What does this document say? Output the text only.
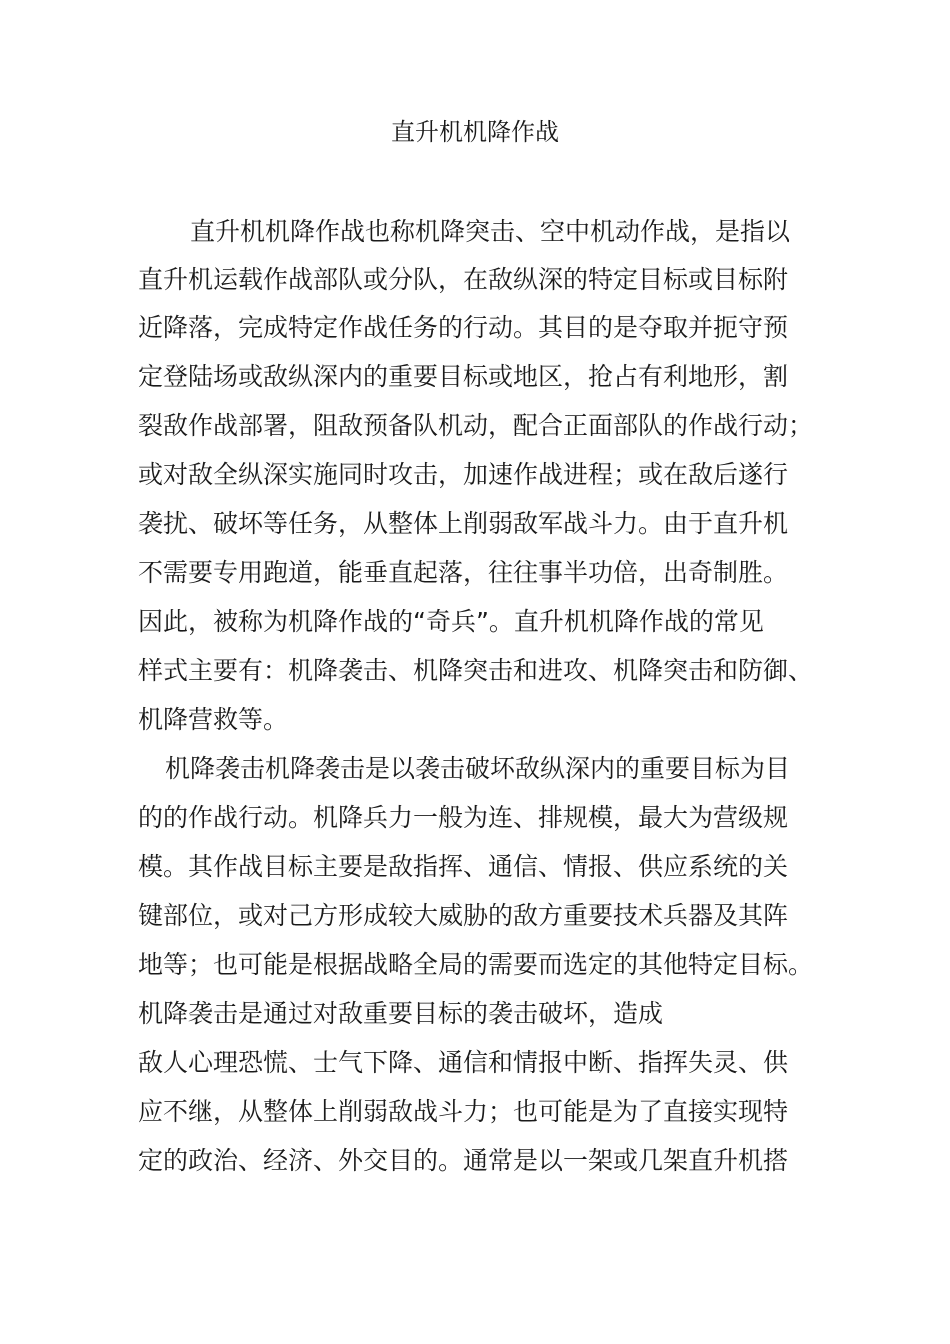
直升机机降作战
直升机机降作战也称机降突击、空中机动作战，是指以
直升机运载作战部队或分队，在敌纵深的特定目标或目标附
近降落，完成特定作战任务的行动。其目的是夺取并扼守预
定登陆场或敌纵深内的重要目标或地区，抢占有利地形，割
裂敌作战部署，阻敌预备队机动，配合正面部队的作战行动；
或对敌全纵深实施同时攻击，加速作战进程；或在敌后遂行
袭扰、破坏等任务，从整体上削弱敌军战斗力。由于直升机
不需要专用跑道，能垂直起落，往往事半功倍，出奇制胜。
因此，被称为机降作战的“奇兵”。直升机机降作战的常见
样式主要有：机降袭击、机降突击和进攻、机降突击和防御、
机降营救等。
机降袭击机降袭击是以袭击破坏敌纵深内的重要目标为目
的的作战行动。机降兵力一般为连、排规模，最大为营级规
模。其作战目标主要是敌指挥、通信、情报、供应系统的关
键部位，或对己方形成较大威胁的敌方重要技术兵器及其阵
地等；也可能是根据战略全局的需要而选定的其他特定目标。
机降袭击是通过对敌重要目标的袭击破坏，造成
敌人心理恐慌、士气下降、通信和情报中断、指挥失灵、供
应不继，从整体上削弱敌战斗力；也可能是为了直接实现特
定的政治、经济、外交目的。通常是以一架或几架直升机搭
